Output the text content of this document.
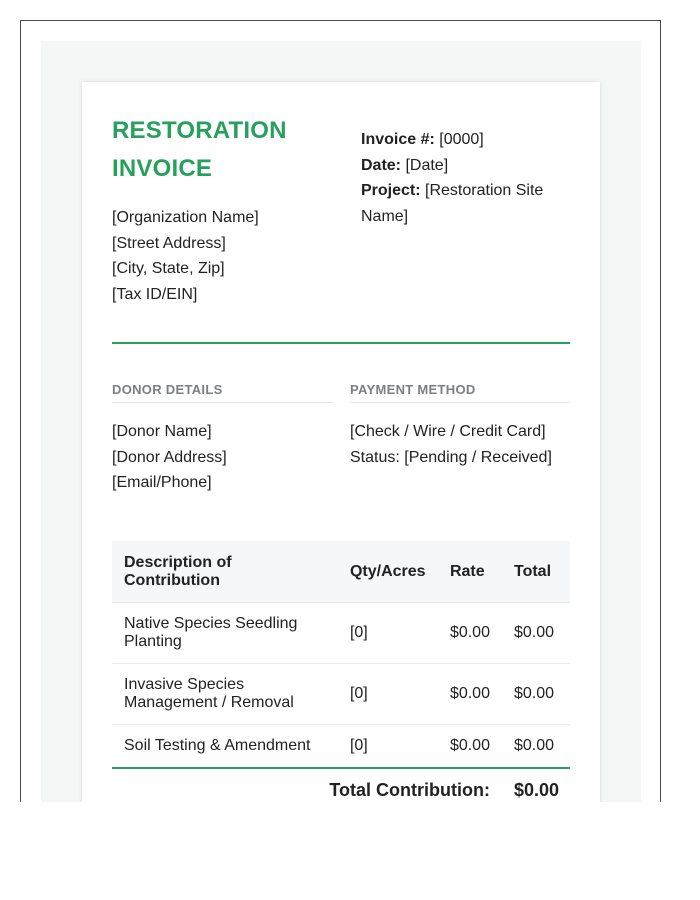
RESTORATION
INVOICE
[Organization Name]
[Street Address]
[City, State, Zip]
[Tax ID/EIN]
Invoice #: [0000]
Date: [Date]
Project: [Restoration Site Name]
DONOR DETAILS	PAYMENT METHOD
[Donor Name]
[Donor Address]
[Email/Phone]
[Check / Wire / Credit Card]
Status: [Pending / Received]
Description of Contribution	Qty/Acres	Rate	Total
Native Species Seedling Planting	[0]	$0.00	$0.00
Invasive Species Management / Removal	[0]	$0.00	$0.00
Soil Testing & Amendment	[0]	$0.00	$0.00
Total Contribution: $0.00
